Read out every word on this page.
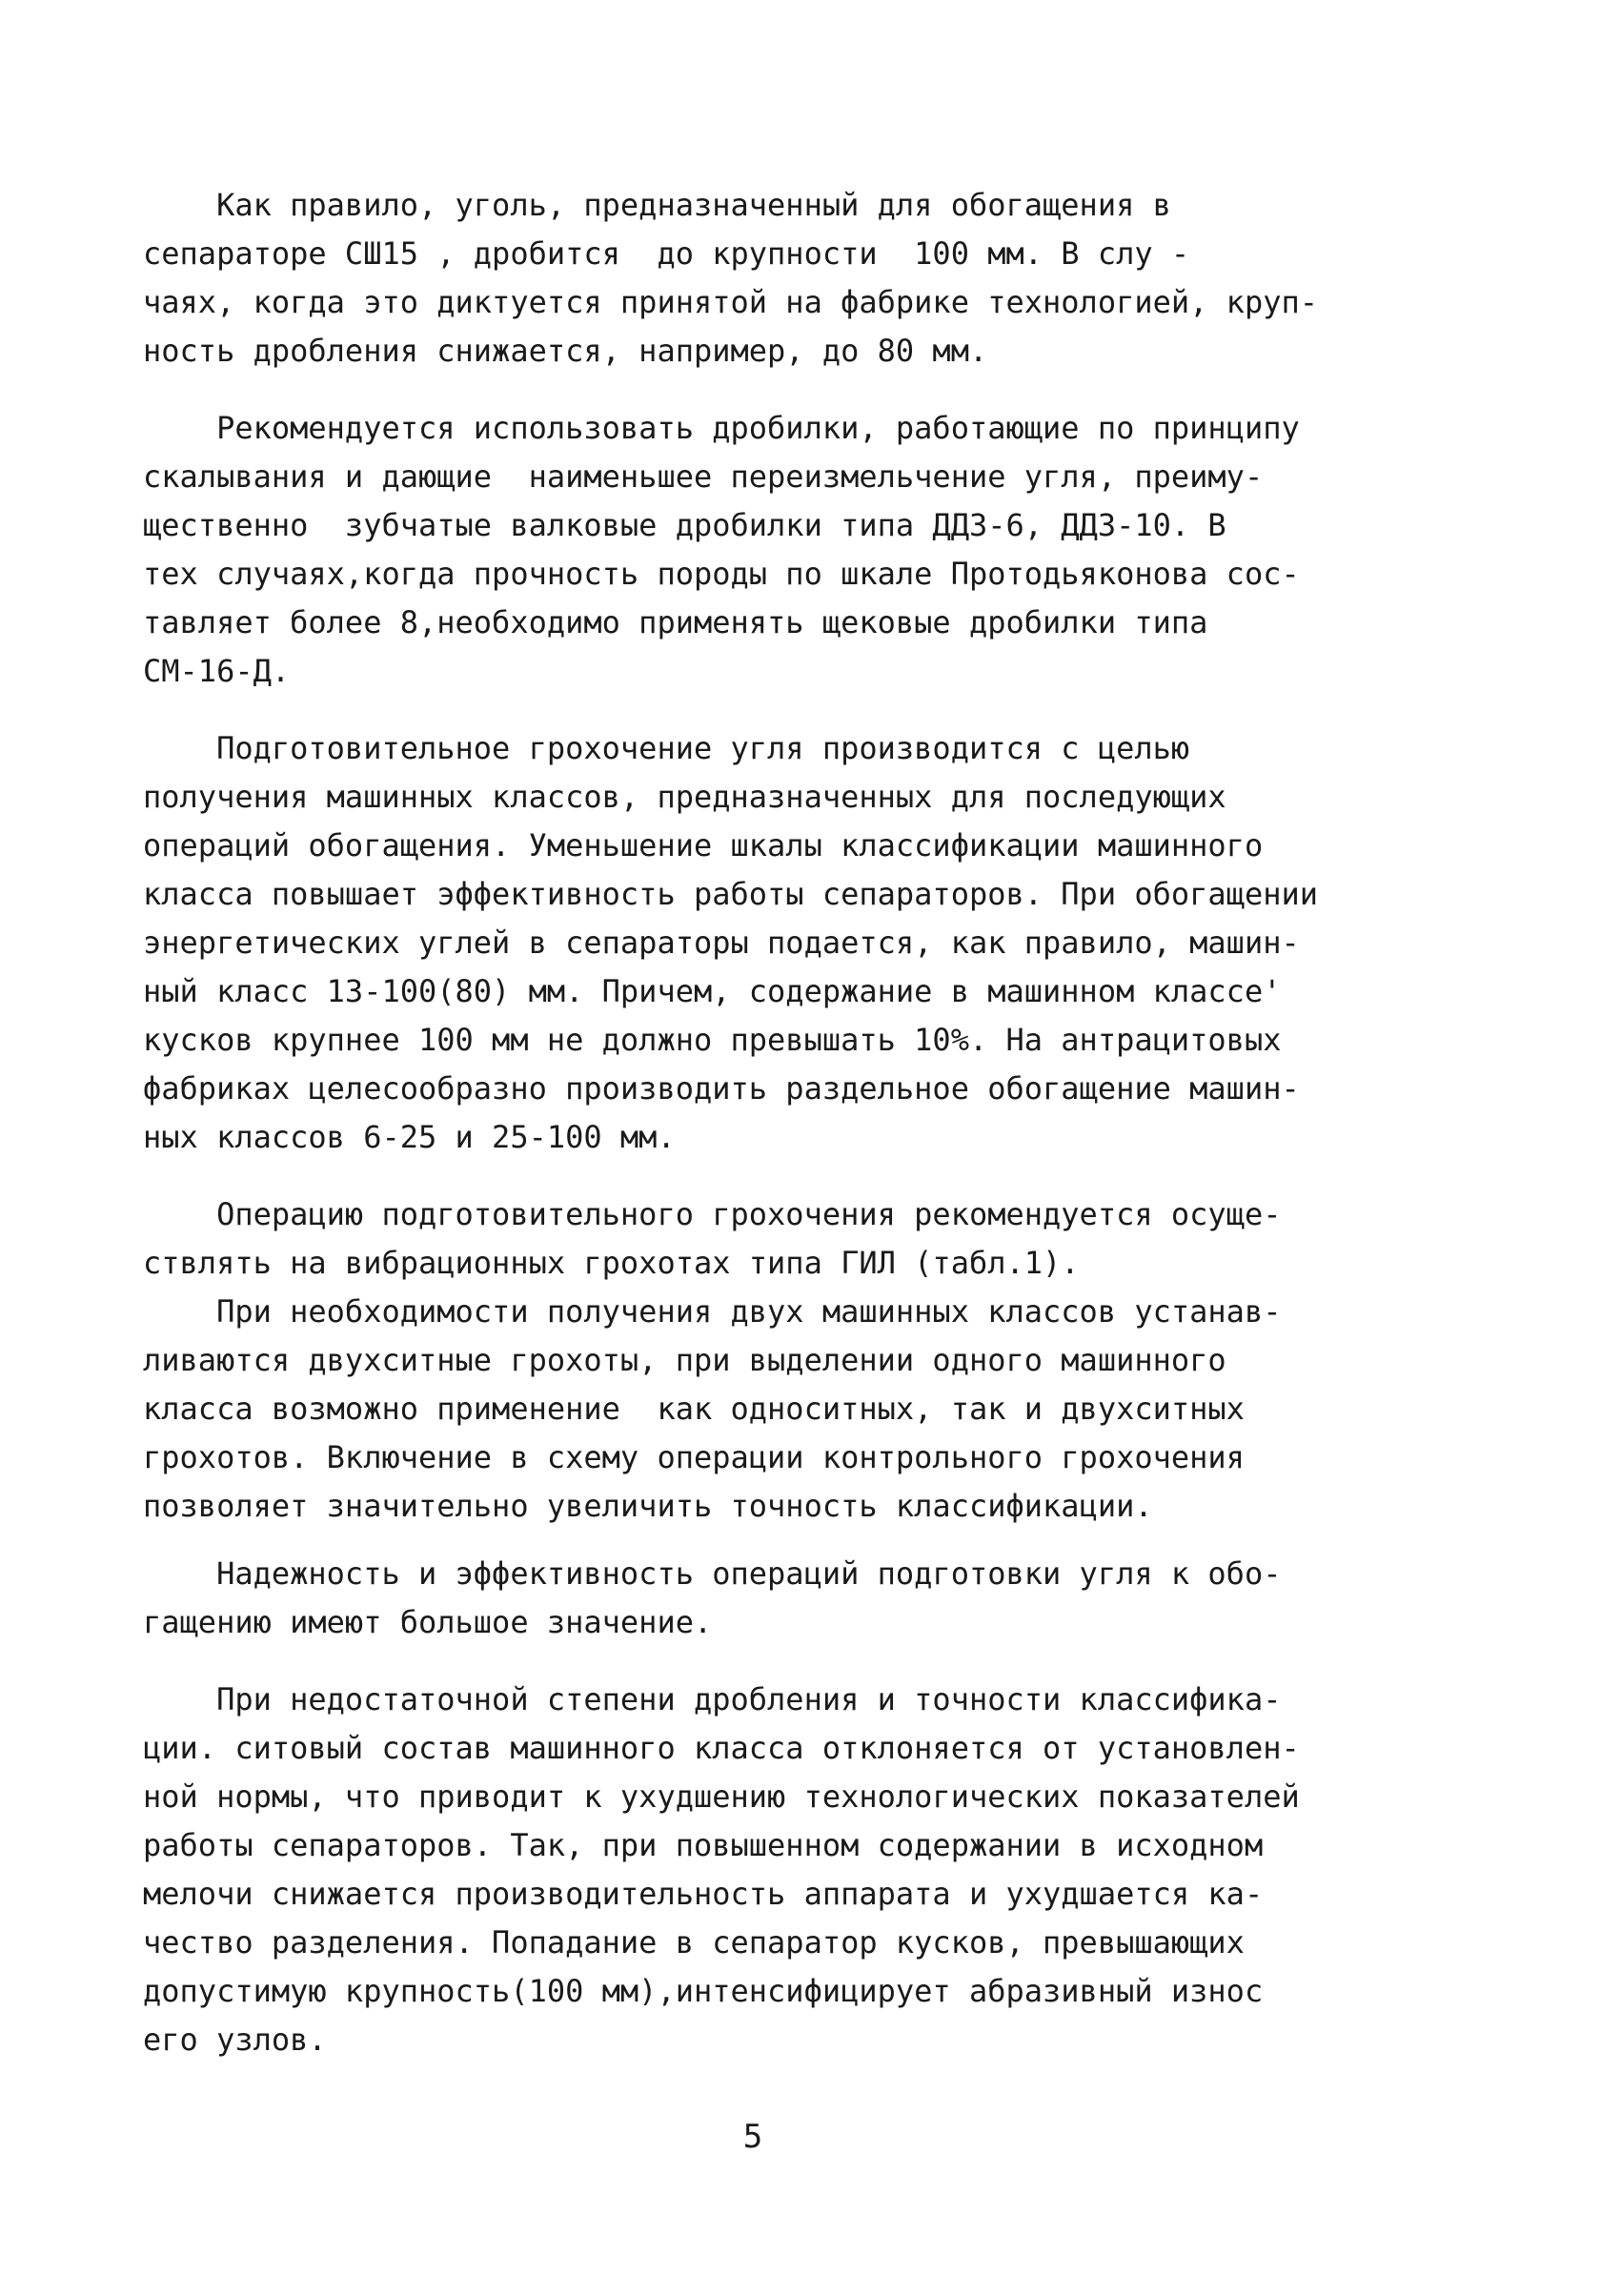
Как правило, уголь, предназначенный для обогащения в
сепараторе СШ15 , дробится  до крупности  100 мм. В слу -
чаях, когда это диктуется принятой на фабрике технологией, круп-
ность дробления снижается, например, до 80 мм.
Рекомендуется использовать дробилки, работающие по принципу
скалывания и дающие  наименьшее переизмельчение угля, преиму-
щественно  зубчатые валковые дробилки типа ДДЗ-6, ДДЗ-10. В
тех случаях,когда прочность породы по шкале Протодьяконова сос-
тавляет более 8,необходимо применять щековые дробилки типа
СМ-16-Д.
Подготовительное грохочение угля производится с целью
получения машинных классов, предназначенных для последующих
операций обогащения. Уменьшение шкалы классификации машинного
класса повышает эффективность работы сепараторов. При обогащении
энергетических углей в сепараторы подается, как правило, машин-
ный класс 13-100(80) мм. Причем, содержание в машинном классе'
кусков крупнее 100 мм не должно превышать 10%. На антрацитовых
фабриках целесообразно производить раздельное обогащение машин-
ных классов 6-25 и 25-100 мм.
Операцию подготовительного грохочения рекомендуется осуще-
ствлять на вибрационных грохотах типа ГИЛ (табл.1).
При необходимости получения двух машинных классов устанав-
ливаются двухситные грохоты, при выделении одного машинного
класса возможно применение  как односитных, так и двухситных
грохотов. Включение в схему операции контрольного грохочения
позволяет значительно увеличить точность классификации.
Надежность и эффективность операций подготовки угля к обо-
гащению имеют большое значение.
При недостаточной степени дробления и точности классифика-
ции. ситовый состав машинного класса отклоняется от установлен-
ной нормы, что приводит к ухудшению технологических показателей
работы сепараторов. Так, при повышенном содержании в исходном
мелочи снижается производительность аппарата и ухудшается ка-
чество разделения. Попадание в сепаратор кусков, превышающих
допустимую крупность(100 мм),интенсифицирует абразивный износ
его узлов.
5
